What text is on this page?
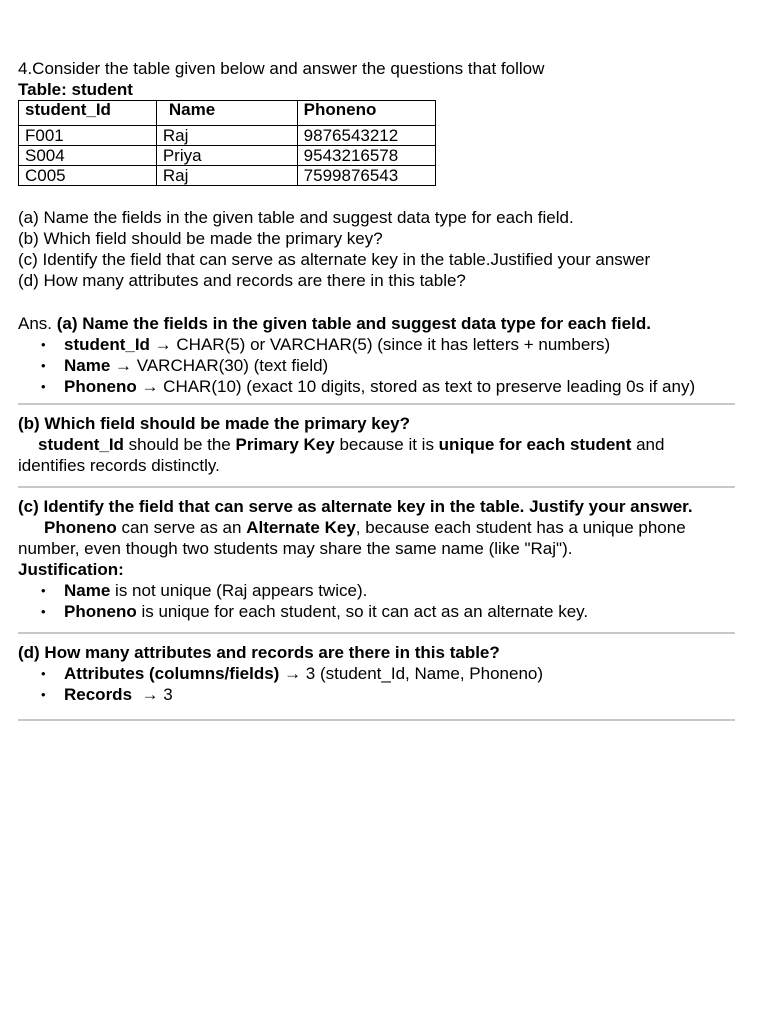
4.Consider the table given below and answer the questions that follow
Table: student
student_Id	Name	Phoneno
F001	Raj	9876543212
S004	Priya	9543216578
C005	Raj	7599876543
(a) Name the fields in the given table and suggest data type for each field.
(b) Which field should be made the primary key?
(c) Identify the field that can serve as alternate key in the table.Justified your answer
(d) How many attributes and records are there in this table?
Ans. (a) Name the fields in the given table and suggest data type for each field.
• student_Id → CHAR(5) or VARCHAR(5) (since it has letters + numbers)
• Name → VARCHAR(30) (text field)
• Phoneno → CHAR(10) (exact 10 digits, stored as text to preserve leading 0s if any)
(b) Which field should be made the primary key?
student_Id should be the Primary Key because it is unique for each student and identifies records distinctly.
(c) Identify the field that can serve as alternate key in the table. Justify your answer.
Phoneno can serve as an Alternate Key, because each student has a unique phone number, even though two students may share the same name (like "Raj").
Justification:
• Name is not unique (Raj appears twice).
• Phoneno is unique for each student, so it can act as an alternate key.
(d) How many attributes and records are there in this table?
• Attributes (columns/fields) → 3 (student_Id, Name, Phoneno)
• Records  → 3
